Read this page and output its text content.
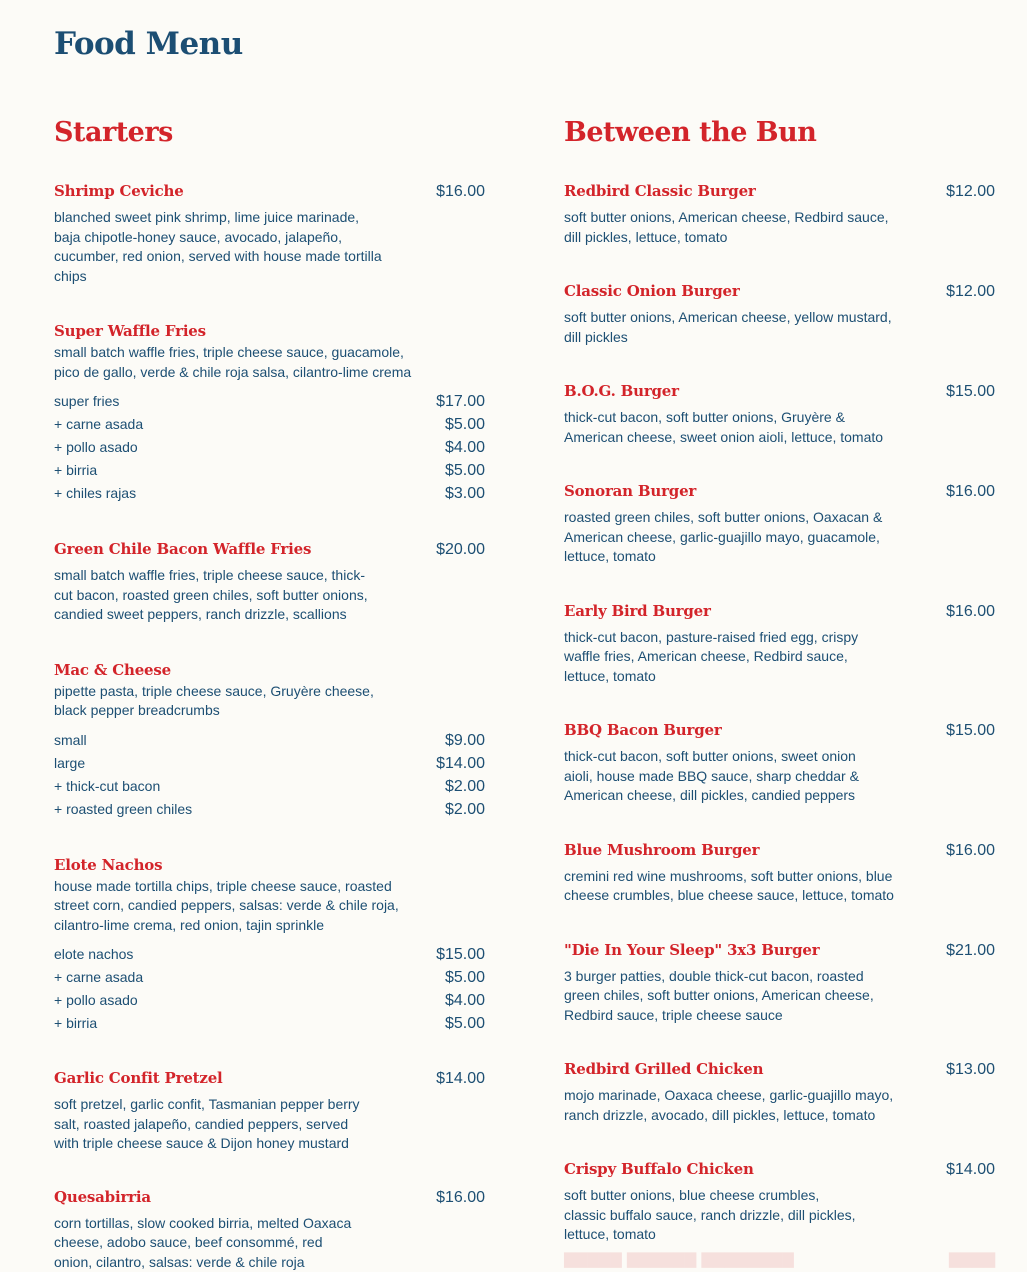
Food Menu
Starters
Shrimp Ceviche	$16.00
blanched sweet pink shrimp, lime juice marinade, baja chipotle-honey sauce, avocado, jalapeño, cucumber, red onion, served with house made tortilla chips
Super Waffle Fries
small batch waffle fries, triple cheese sauce, guacamole, pico de gallo, verde & chile roja salsa, cilantro-lime crema
super fries	$17.00
+ carne asada	$5.00
+ pollo asado	$4.00
+ birria	$5.00
+ chiles rajas	$3.00
Green Chile Bacon Waffle Fries	$20.00
small batch waffle fries, triple cheese sauce, thick-cut bacon, roasted green chiles, soft butter onions, candied sweet peppers, ranch drizzle, scallions
Mac & Cheese
pipette pasta, triple cheese sauce, Gruyère cheese, black pepper breadcrumbs
small	$9.00
large	$14.00
+ thick-cut bacon	$2.00
+ roasted green chiles	$2.00
Elote Nachos
house made tortilla chips, triple cheese sauce, roasted street corn, candied peppers, salsas: verde & chile roja, cilantro-lime crema, red onion, tajin sprinkle
elote nachos	$15.00
+ carne asada	$5.00
+ pollo asado	$4.00
+ birria	$5.00
Garlic Confit Pretzel	$14.00
soft pretzel, garlic confit, Tasmanian pepper berry salt, roasted jalapeño, candied peppers, served with triple cheese sauce & Dijon honey mustard
Quesabirria	$16.00
corn tortillas, slow cooked birria, melted Oaxaca cheese, adobo sauce, beef consommé, red onion, cilantro, salsas: verde & chile roja
Between the Bun
Redbird Classic Burger	$12.00
soft butter onions, American cheese, Redbird sauce, dill pickles, lettuce, tomato
Classic Onion Burger	$12.00
soft butter onions, American cheese, yellow mustard, dill pickles
B.O.G. Burger	$15.00
thick-cut bacon, soft butter onions, Gruyère & American cheese, sweet onion aioli, lettuce, tomato
Sonoran Burger	$16.00
roasted green chiles, soft butter onions, Oaxacan & American cheese, garlic-guajillo mayo, guacamole, lettuce, tomato
Early Bird Burger	$16.00
thick-cut bacon, pasture-raised fried egg, crispy waffle fries, American cheese, Redbird sauce, lettuce, tomato
BBQ Bacon Burger	$15.00
thick-cut bacon, soft butter onions, sweet onion aioli, house made BBQ sauce, sharp cheddar & American cheese, dill pickles, candied peppers
Blue Mushroom Burger	$16.00
cremini red wine mushrooms, soft butter onions, blue cheese crumbles, blue cheese sauce, lettuce, tomato
"Die In Your Sleep" 3x3 Burger	$21.00
3 burger patties, double thick-cut bacon, roasted green chiles, soft butter onions, American cheese, Redbird sauce, triple cheese sauce
Redbird Grilled Chicken	$13.00
mojo marinade, Oaxaca cheese, garlic-guajillo mayo, ranch drizzle, avocado, dill pickles, lettuce, tomato
Crispy Buffalo Chicken	$14.00
soft butter onions, blue cheese crumbles, classic buffalo sauce, ranch drizzle, dill pickles, lettuce, tomato
▇▇▇▇▇ ▇▇▇▇▇▇ ▇▇▇▇▇▇▇▇	▇▇▇▇
